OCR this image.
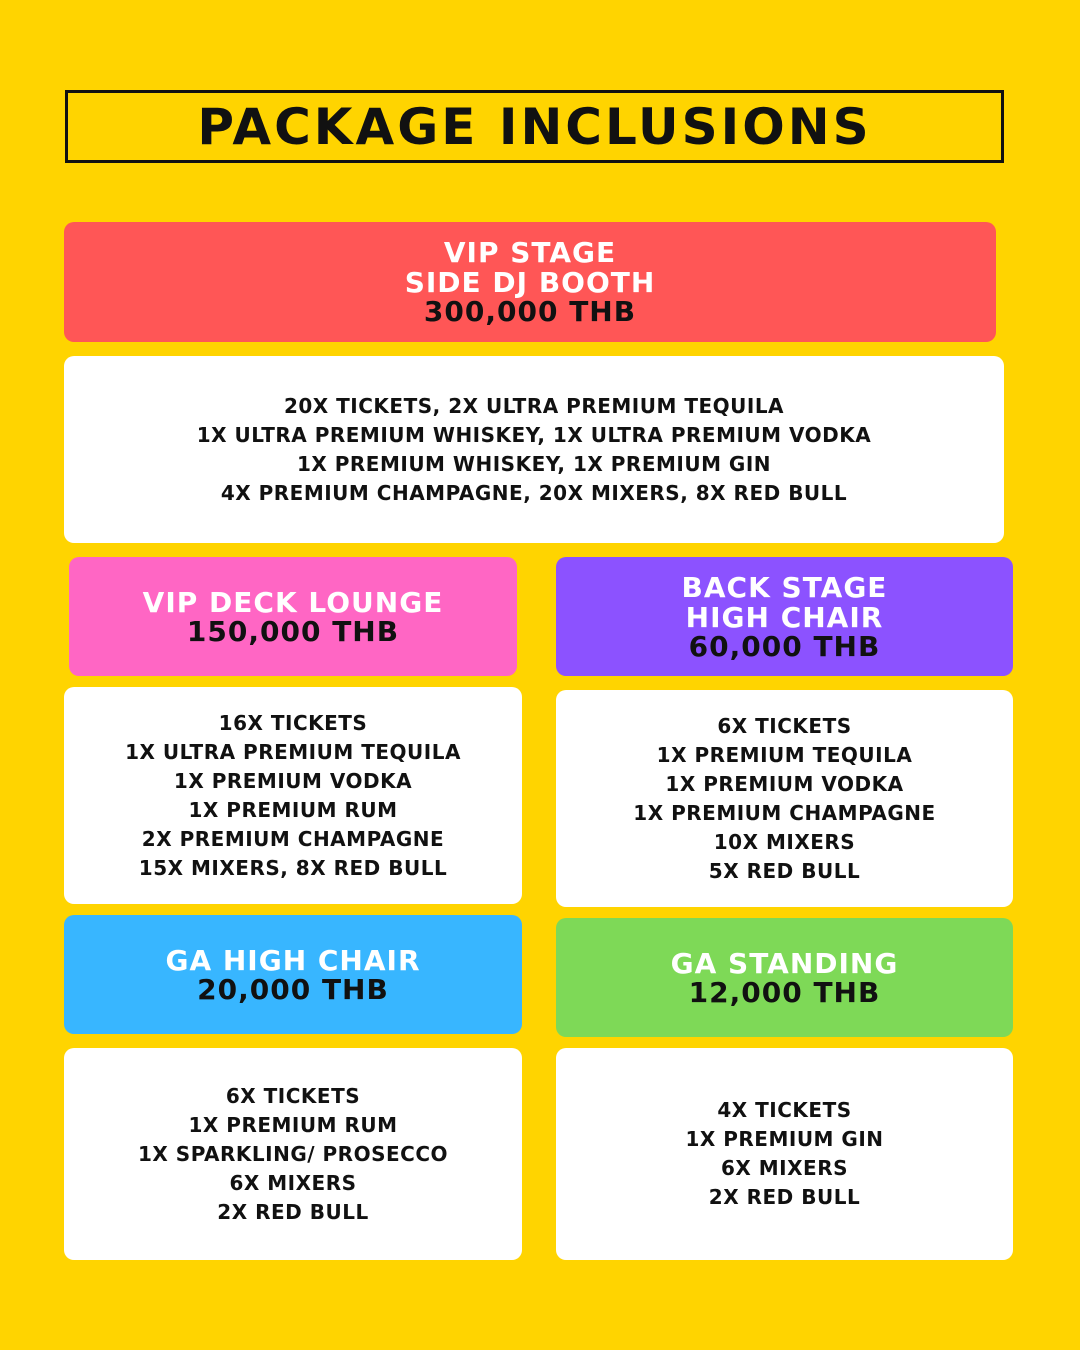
PACKAGE INCLUSIONS
VIP STAGE
SIDE DJ BOOTH
300,000 THB
20X TICKETS, 2X ULTRA PREMIUM TEQUILA
1X ULTRA PREMIUM WHISKEY, 1X ULTRA PREMIUM VODKA
1X PREMIUM WHISKEY, 1X PREMIUM GIN
4X PREMIUM CHAMPAGNE, 20X MIXERS, 8X RED BULL
VIP DECK LOUNGE
150,000 THB
16X TICKETS
1X ULTRA PREMIUM TEQUILA
1X PREMIUM VODKA
1X PREMIUM RUM
2X PREMIUM CHAMPAGNE
15X MIXERS, 8X RED BULL
BACK STAGE
HIGH CHAIR
60,000 THB
6X TICKETS
1X PREMIUM TEQUILA
1X PREMIUM VODKA
1X PREMIUM CHAMPAGNE
10X MIXERS
5X RED BULL
GA HIGH CHAIR
20,000 THB
6X TICKETS
1X PREMIUM RUM
1X SPARKLING/ PROSECCO
6X MIXERS
2X RED BULL
GA STANDING
12,000 THB
4X TICKETS
1X PREMIUM GIN
6X MIXERS
2X RED BULL
